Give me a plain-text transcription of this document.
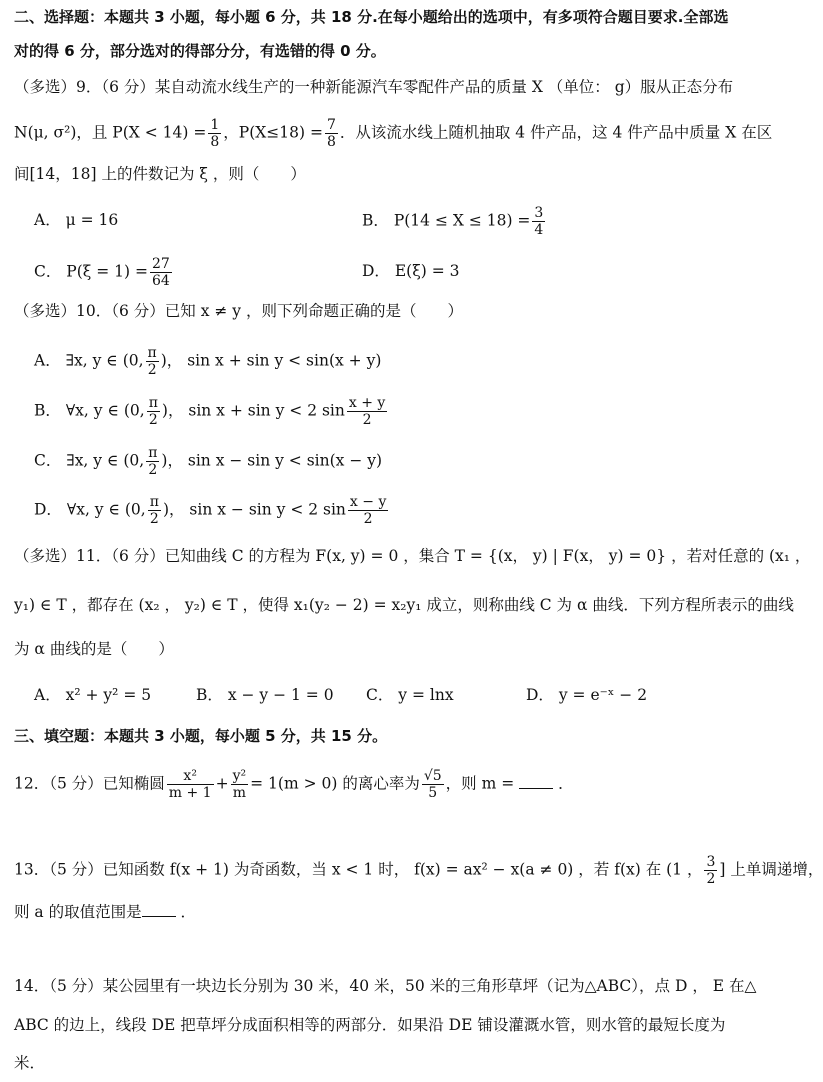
二、选择题：本题共 3 小题，每小题 6 分，共 18 分.在每小题给出的选项中，有多项符合题目要求.全部选
对的得 6 分，部分选对的得部分分，有选错的得 0 分。
（多选）9．（6 分）某自动流水线生产的一种新能源汽车零配件产品的质量 X （单位： g）服从正态分布
N(μ, σ²)，且 $P(X < 14) = \frac{1}{8}$ ，$P(X\le 18) = \frac{7}{8}$ ．从该流水线上随机抽取 4 件产品，这 4 件产品中质量 X 在区
间[14，18] 上的件数记为 ξ ，则（　　）
A． μ = 16	B． $P(14 \le X \le 18) = \frac{3}{4}$
C． $P(\xi = 1) = \frac{27}{64}$	D． E(ξ) = 3
（多选）10．（6 分）已知 x ≠ y ，则下列命题正确的是（　　）
A． ∃x, y ∈ (0, $\frac{\pi}{2}$ )， sin x + sin y < sin(x + y)
B． ∀x, y ∈ (0, $\frac{\pi}{2}$ )， sin x + sin y < 2 $\sin \frac{x + y}{2}$
C． ∃x, y ∈ (0, $\frac{\pi}{2}$ )， sin x − sin y < sin(x − y)
D． ∀x, y ∈ (0, $\frac{\pi}{2}$ )， sin x − sin y < 2 $\sin \frac{x - y}{2}$
（多选）11．（6 分）已知曲线 C 的方程为 F(x, y) = 0 ，集合 T = {(x， y) | F(x， y) = 0} ，若对任意的 (x₁ ，
y₁) ∈ T ，都存在 (x₂ ， y₂) ∈ T ，使得 x₁(y₂ − 2) = x₂y₁ 成立，则称曲线 C 为 α 曲线．下列方程所表示的曲线
为 α 曲线的是（　　）
A． x² + y² = 5	B． x − y − 1 = 0 C． y = lnx	D． y = e⁻ˣ − 2
三、填空题：本题共 3 小题，每小题 5 分，共 15 分。
12．（5 分）已知椭圆 $\frac{\text{x²}}{m + 1} + \frac{\text{y²}}{m} = 1(m > 0)$ 的离心率为 $\frac{√5}{5}$ ，则 m =	．
13．（5 分）已知函数 f(x + 1) 为奇函数，当 x < 1 时， f(x) = ax² − x(a ≠ 0) ，若 f(x) 在 (1 ， $\frac{3}{2}$ ] 上单调递增，
则 a 的取值范围是	．
14．（5 分）某公园里有一块边长分别为 30 米，40 米，50 米的三角形草坪（记为△ABC），点 D ， E 在△
ABC 的边上，线段 DE 把草坪分成面积相等的两部分．如果沿 DE 铺设灌溉水管，则水管的最短长度为
米．
